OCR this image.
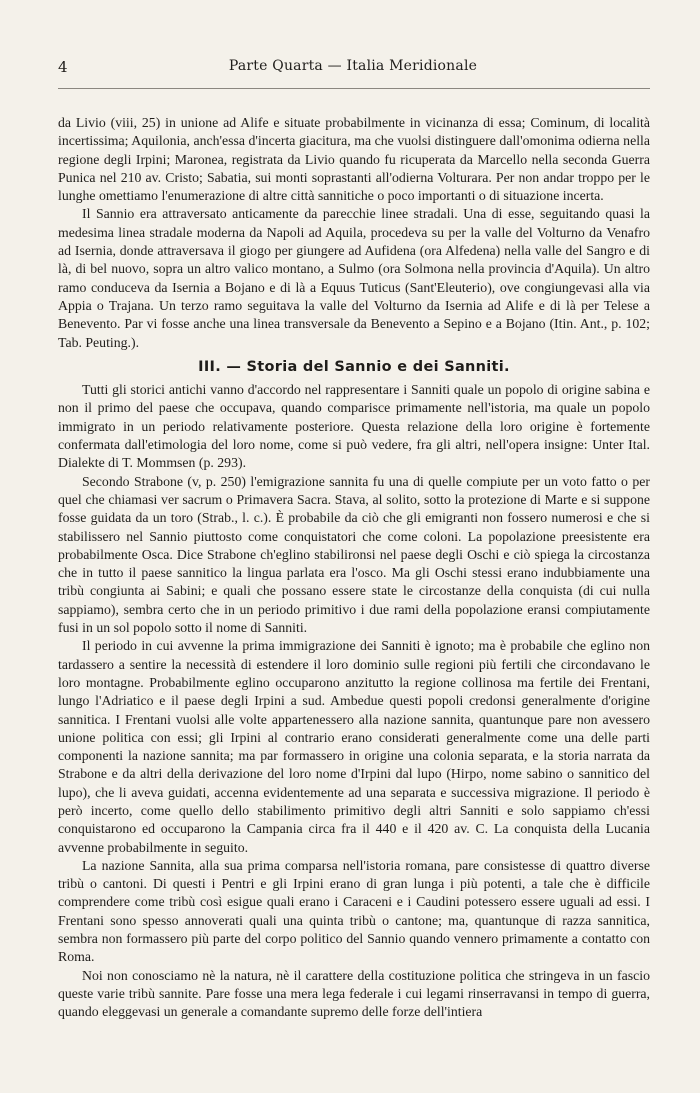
4	Parte Quarta — Italia Meridionale

da Livio (viii, 25) in unione ad Alife e situate probabilmente in vicinanza di essa; Cominum, di località incertissima; Aquilonia, anch'essa d'incerta giacitura, ma che vuolsi distinguere dall'omonima odierna nella regione degli Irpini; Maronea, registrata da Livio quando fu ricuperata da Marcello nella seconda Guerra Punica nel 210 av. Cristo; Sabatia, sui monti soprastanti all'odierna Volturara. Per non andar troppo per le lunghe omettiamo l'enumerazione di altre città sannitiche o poco importanti o di situazione incerta.

Il Sannio era attraversato anticamente da parecchie linee stradali. Una di esse, seguitando quasi la medesima linea stradale moderna da Napoli ad Aquila, procedeva su per la valle del Volturno da Venafro ad Isernia, donde attraversava il giogo per giungere ad Aufidena (ora Alfedena) nella valle del Sangro e di là, di bel nuovo, sopra un altro valico montano, a Sulmo (ora Solmona nella provincia d'Aquila). Un altro ramo conduceva da Isernia a Bojano e di là a Equus Tuticus (Sant'Eleuterio), ove congiungevasi alla via Appia o Trajana. Un terzo ramo seguitava la valle del Volturno da Isernia ad Alife e di là per Telese a Benevento. Par vi fosse anche una linea transversale da Benevento a Sepino e a Bojano (Itin. Ant., p. 102; Tab. Peuting.).

III. — Storia del Sannio e dei Sanniti.

Tutti gli storici antichi vanno d'accordo nel rappresentare i Sanniti quale un popolo di origine sabina e non il primo del paese che occupava, quando comparisce primamente nell'istoria, ma quale un popolo immigrato in un periodo relativamente posteriore. Questa relazione della loro origine è fortemente confermata dall'etimologia del loro nome, come si può vedere, fra gli altri, nell'opera insigne: Unter Ital. Dialekte di T. Mommsen (p. 293).

Secondo Strabone (v, p. 250) l'emigrazione sannita fu una di quelle compiute per un voto fatto o per quel che chiamasi ver sacrum o Primavera Sacra. Stava, al solito, sotto la protezione di Marte e si suppone fosse guidata da un toro (Strab., l. c.). È probabile da ciò che gli emigranti non fossero numerosi e che si stabilissero nel Sannio piuttosto come conquistatori che come coloni. La popolazione preesistente era probabilmente Osca. Dice Strabone ch'eglino stabilironsi nel paese degli Oschi e ciò spiega la circostanza che in tutto il paese sannitico la lingua parlata era l'osco. Ma gli Oschi stessi erano indubbiamente una tribù congiunta ai Sabini; e quali che possano essere state le circostanze della conquista (di cui nulla sappiamo), sembra certo che in un periodo primitivo i due rami della popolazione eransi compiutamente fusi in un sol popolo sotto il nome di Sanniti.

Il periodo in cui avvenne la prima immigrazione dei Sanniti è ignoto; ma è probabile che eglino non tardassero a sentire la necessità di estendere il loro dominio sulle regioni più fertili che circondavano le loro montagne. Probabilmente eglino occuparono anzitutto la regione collinosa ma fertile dei Frentani, lungo l'Adriatico e il paese degli Irpini a sud. Ambedue questi popoli credonsi generalmente d'origine sannitica. I Frentani vuolsi alle volte appartenessero alla nazione sannita, quantunque pare non avessero unione politica con essi; gli Irpini al contrario erano considerati generalmente come una delle parti componenti la nazione sannita; ma par formassero in origine una colonia separata, e la storia narrata da Strabone e da altri della derivazione del loro nome d'Irpini dal lupo (Hirpo, nome sabino o sannitico del lupo), che li aveva guidati, accenna evidentemente ad una separata e successiva migrazione. Il periodo è però incerto, come quello dello stabilimento primitivo degli altri Sanniti e solo sappiamo ch'essi conquistarono ed occuparono la Campania circa fra il 440 e il 420 av. C. La conquista della Lucania avvenne probabilmente in seguito.

La nazione Sannita, alla sua prima comparsa nell'istoria romana, pare consistesse di quattro diverse tribù o cantoni. Di questi i Pentri e gli Irpini erano di gran lunga i più potenti, a tale che è difficile comprendere come tribù così esigue quali erano i Caraceni e i Caudini potessero essere uguali ad essi. I Frentani sono spesso annoverati quali una quinta tribù o cantone; ma, quantunque di razza sannitica, sembra non formassero più parte del corpo politico del Sannio quando vennero primamente a contatto con Roma.

Noi non conosciamo nè la natura, nè il carattere della costituzione politica che stringeva in un fascio queste varie tribù sannite. Pare fosse una mera lega federale i cui legami rinserravansi in tempo di guerra, quando eleggevasi un generale a comandante supremo delle forze dell'intiera
